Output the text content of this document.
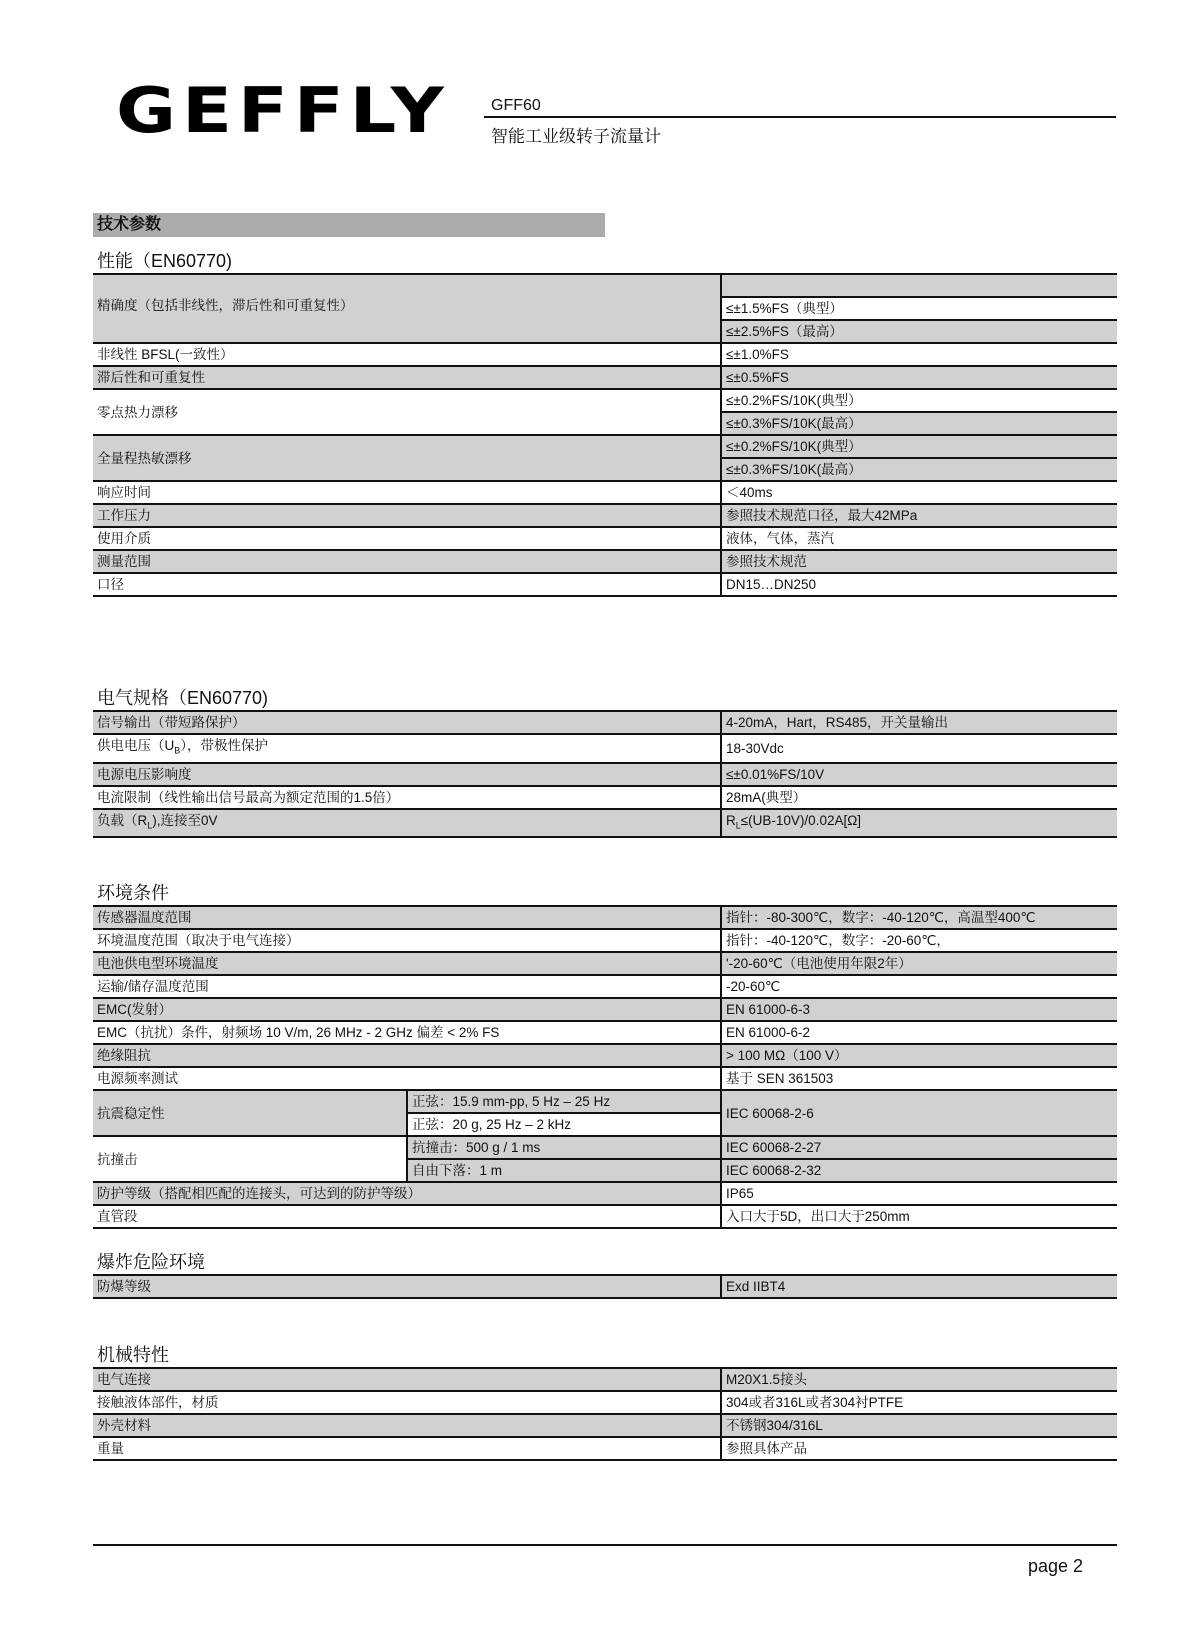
GEFFLY	GFF60
智能工业级转子流量计
技术参数
性能（EN60770)
精确度（包括非线性，滞后性和可重复性）	
	≤±1.5%FS（典型）
	≤±2.5%FS（最高）
非线性 BFSL(一致性）	≤±1.0%FS
滞后性和可重复性	≤±0.5%FS
零点热力漂移	≤±0.2%FS/10K(典型）
	≤±0.3%FS/10K(最高）
全量程热敏漂移	≤±0.2%FS/10K(典型）
	≤±0.3%FS/10K(最高）
响应时间	＜40ms
工作压力	参照技术规范口径，最大42MPa
使用介质	液体，气体，蒸汽
测量范围	参照技术规范
口径	DN15…DN250
电气规格（EN60770)
信号输出（带短路保护）	4-20mA，Hart，RS485，开关量输出
供电电压$(U_B)$，带极性保护	18-30Vdc
电源电压影响度	≤±0.01%FS/10V
电流限制（线性输出信号最高为额定范围的1.5倍）	28mA(典型）
负载$(R_L)$,连接至0V	$R_L\le(UB-10V)/0.02A[\Omega]$
环境条件
传感器温度范围		指针：-80-300℃，数字：-40-120℃，高温型400℃
环境温度范围（取决于电气连接）		指针：-40-120℃，数字：-20-60℃，
电池供电型环境温度		'-20-60℃（电池使用年限2年）
运输/储存温度范围		-20-60℃
EMC(发射）		EN 61000-6-3
EMC（抗扰）条件，射频场 10 V/m, 26 MHz - 2 GHz 偏差 < 2% FS		EN 61000-6-2
绝缘阻抗		> 100 MΩ（100 V）
电源频率测试		基于 SEN 361503
抗震稳定性	正弦：15.9 mm-pp, 5 Hz – 25 Hz	IEC 60068-2-6
	正弦：20 g, 25 Hz – 2 kHz	
抗撞击	抗撞击：500 g / 1 ms	IEC 60068-2-27
	自由下落：1 m	IEC 60068-2-32
防护等级（搭配相匹配的连接头，可达到的防护等级）		IP65
直管段		入口大于5D，出口大于250mm
爆炸危险环境
防爆等级	Exd IIBT4
机械特性
电气连接	M20X1.5接头
接触液体部件，材质	304或者316L或者304衬PTFE
外壳材料	不锈钢304/316L
重量	参照具体产品
page 2
